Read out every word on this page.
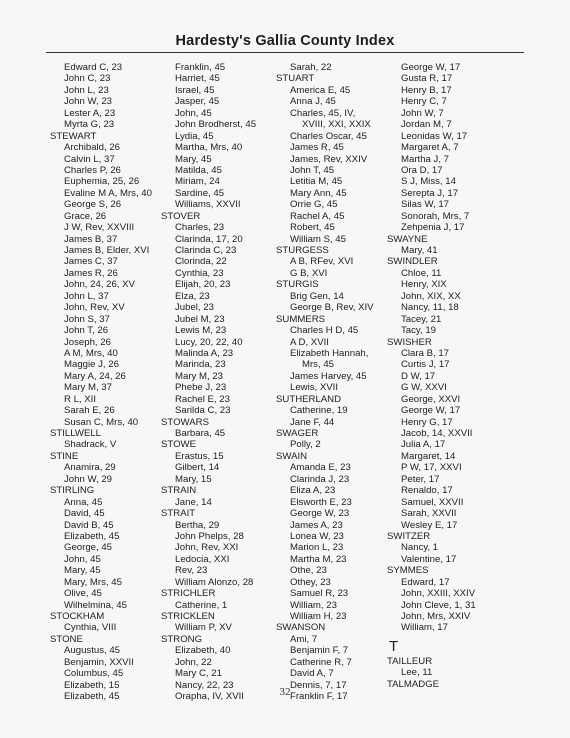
Hardesty's Gallia County Index
Edward C, 23
John C, 23
John L, 23
John W, 23
Lester A, 23
Myrta G, 23
STEWART
Archibald, 26
Calvin L, 37
Charles P, 26
Euphemia, 25, 26
Evaline M A, Mrs, 40
George S, 26
Grace, 26
J W, Rev, XXVIII
James B, 37
James B, Elder, XVI
James C, 37
James R, 26
John, 24, 26, XV
John L, 37
John, Rev, XV
John S, 37
John T, 26
Joseph, 26
A M, Mrs, 40
Maggie J, 26
Mary A, 24, 26
Mary M, 37
R L, XII
Sarah E, 26
Susan C, Mrs, 40
STILLWELL
Shadrack, V
STINE
Anamira, 29
John W, 29
STIRLING
Anna, 45
David, 45
David B, 45
Elizabeth, 45
George, 45
John, 45
Mary, 45
Mary, Mrs, 45
Olive, 45
Wilhelmina, 45
STOCKHAM
Cynthia, VIII
STONE
Augustus, 45
Benjamin, XXVII
Columbus, 45
Elizabeth, 15
Elizabeth, 45
Franklin, 45
Harriet, 45
Israel, 45
Jasper, 45
John, 45
John Brodherst, 45
Lydia, 45
Martha, Mrs, 40
Mary, 45
Matilda, 45
Miriam, 24
Sardine, 45
Williams, XXVII
STOVER
Charles, 23
Clarinda, 17, 20
Clarinda C, 23
Clorinda, 22
Cynthia, 23
Elijah, 20, 23
Elza, 23
Jubel, 23
Jubel M, 23
Lewis M, 23
Lucy, 20, 22, 40
Malinda A, 23
Marinda, 23
Mary M, 23
Phebe J, 23
Rachel E, 23
Sarilda C, 23
STOWARS
Barbara, 45
STOWE
Erastus, 15
Gilbert, 14
Mary, 15
STRAIN
Jane, 14
STRAIT
Bertha, 29
John Phelps, 28
John, Rev, XXI
Ledocia, XXI
Rev, 23
William Alonzo, 28
STRICHLER
Catherine, 1
STRICKLEN
William P, XV
STRONG
Elizabeth, 40
John, 22
Mary C, 21
Nancy, 22, 23
Orapha, IV, XVII
Sarah, 22
STUART
America E, 45
Anna J, 45
Charles, 45, IV,
XVIII, XXI, XXIX
Charles Oscar, 45
James R, 45
James, Rev, XXIV
John T, 45
Letitia M, 45
Mary Ann, 45
Orrie G, 45
Rachel A, 45
Robert, 45
William S, 45
STURGESS
A B, RFev, XVI
G B, XVI
STURGIS
Brig Gen, 14
George B, Rev, XIV
SUMMERS
Charles H D, 45
A D, XVII
Elizabeth Hannah,
Mrs, 45
James Harvey, 45
Lewis, XVII
SUTHERLAND
Catherine, 19
Jane F, 44
SWAGER
Polly, 2
SWAIN
Amanda E, 23
Clarinda J, 23
Eliza A, 23
Elsworth E, 23
George W, 23
James A, 23
Lonea W, 23
Marion L, 23
Martha M, 23
Othe, 23
Othey, 23
Samuel R, 23
William, 23
William H, 23
SWANSON
Ami, 7
Benjamin F, 7
Catherine R, 7
David A, 7
Dennis, 7, 17
Franklin F, 17
George W, 17
Gusta R, 17
Henry B, 17
Henry C, 7
John W, 7
Jordan M, 7
Leonidas W, 17
Margaret A, 7
Martha J, 7
Ora D, 17
S J, Miss, 14
Serepta J, 17
Silas W, 17
Sonorah, Mrs, 7
Zehpenia J, 17
SWAYNE
Mary, 41
SWINDLER
Chloe, 11
Henry, XIX
John, XIX, XX
Nancy, 11, 18
Tacey, 21
Tacy, 19
SWISHER
Clara B, 17
Curtis J, 17
D W, 17
G W, XXVI
George, XXVI
George W, 17
Henry G, 17
Jacob, 14, XXVII
Julia A, 17
Margaret, 14
P W, 17, XXVI
Peter, 17
Renaldo, 17
Samuel, XXVII
Sarah, XXVII
Wesley E, 17
SWITZER
Nancy, 1
Valentine, 17
SYMMES
Edward, 17
John, XXIII, XXIV
John Cleve, 1, 31
John, Mrs, XXIV
William, 17
T
TAILLEUR
Lee, 11
TALMADGE
32
